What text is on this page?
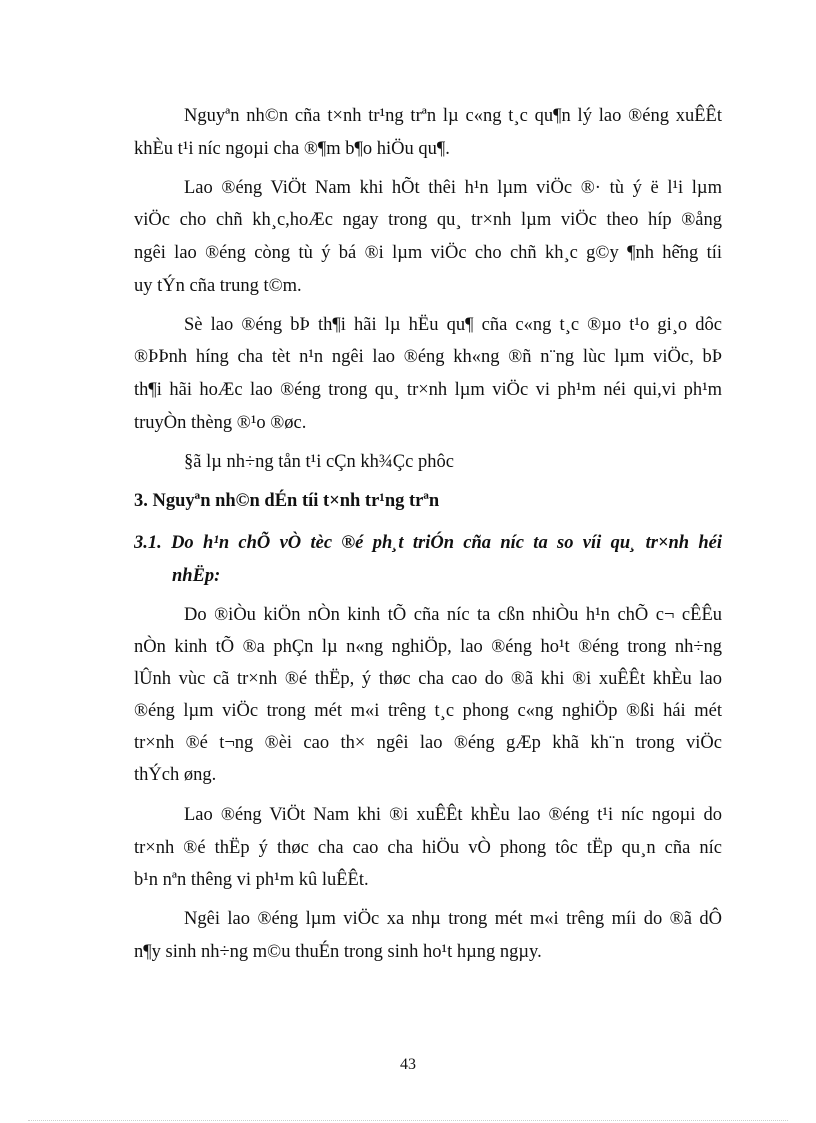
Nguyªn nh©n cña t×nh tr¹ng trªn lµ c«ng t¸c qu¶n lý lao ®éng xuÊÊt
khÈu t¹i níc ngoµi cha ®¶m b¶o hiÖu qu¶.
Lao ®éng ViÖt Nam khi hÕt thêi h¹n lµm viÖc ®· tù ý ë l¹i lµm
viÖc cho chñ kh¸c,hoÆc ngay trong qu¸ tr×nh lµm viÖc theo híp ®ång
ngêi lao ®éng còng tù ý bá ®i lµm viÖc cho chñ kh¸c g©y ¶nh hê̆ng tíi
uy tÝn cña trung t©m.
Sè lao ®éng bÞ th¶i hãi lµ hËu qu¶ cña c«ng t¸c ®µo t¹o gi¸o dôc
®ÞÞnh híng cha tèt n¹n ngêi lao ®éng kh«ng ®ñ n¨ng lùc lµm viÖc, bÞ
th¶i hãi hoÆc lao ®éng trong qu¸ tr×nh lµm viÖc vi ph¹m néi qui,vi ph¹m
truyÒn thèng ®¹o ®øc.
§ã lµ nh÷ng tån t¹i cÇn kh¾Çc phôc
3. Nguyªn nh©n dÉn tíi t×nh tr¹ng trªn
3.1. Do h¹n chÕ vÒ tèc ®é ph¸t triÓn cña níc ta so víi qu¸ tr×nh héi
nhËp:
Do ®iÒu kiÖn nÒn kinh tÕ cña níc ta cßn nhiÒu h¹n chÕ c¬ cÊÊu
nÒn kinh tÕ ®a phÇn lµ n«ng nghiÖp, lao ®éng ho¹t ®éng trong nh÷ng
lÛnh vùc cã tr×nh ®é thËp, ý thøc cha cao do ®ã khi ®i xuÊÊt khÈu lao
®éng lµm viÖc trong mét m«i trêng t¸c phong c«ng nghiÖp ®ßi hái mét
tr×nh ®é t¬ng ®èi cao th× ngêi lao ®éng gÆp khã kh¨n trong viÖc
thÝch øng.
Lao ®éng ViÖt Nam khi ®i xuÊÊt khÈu lao ®éng t¹i níc ngoµi do
tr×nh ®é thËp ý thøc cha cao cha hiÖu vÒ phong tôc tËp qu¸n cña níc
b¹n nªn thêng vi ph¹m kû luÊÊt.
Ngêi lao ®éng lµm viÖc xa nhµ trong mét m«i trêng míi do ®ã dÔ
n¶y sinh nh÷ng m©u thuÉn trong sinh ho¹t hµng ngµy.
43
